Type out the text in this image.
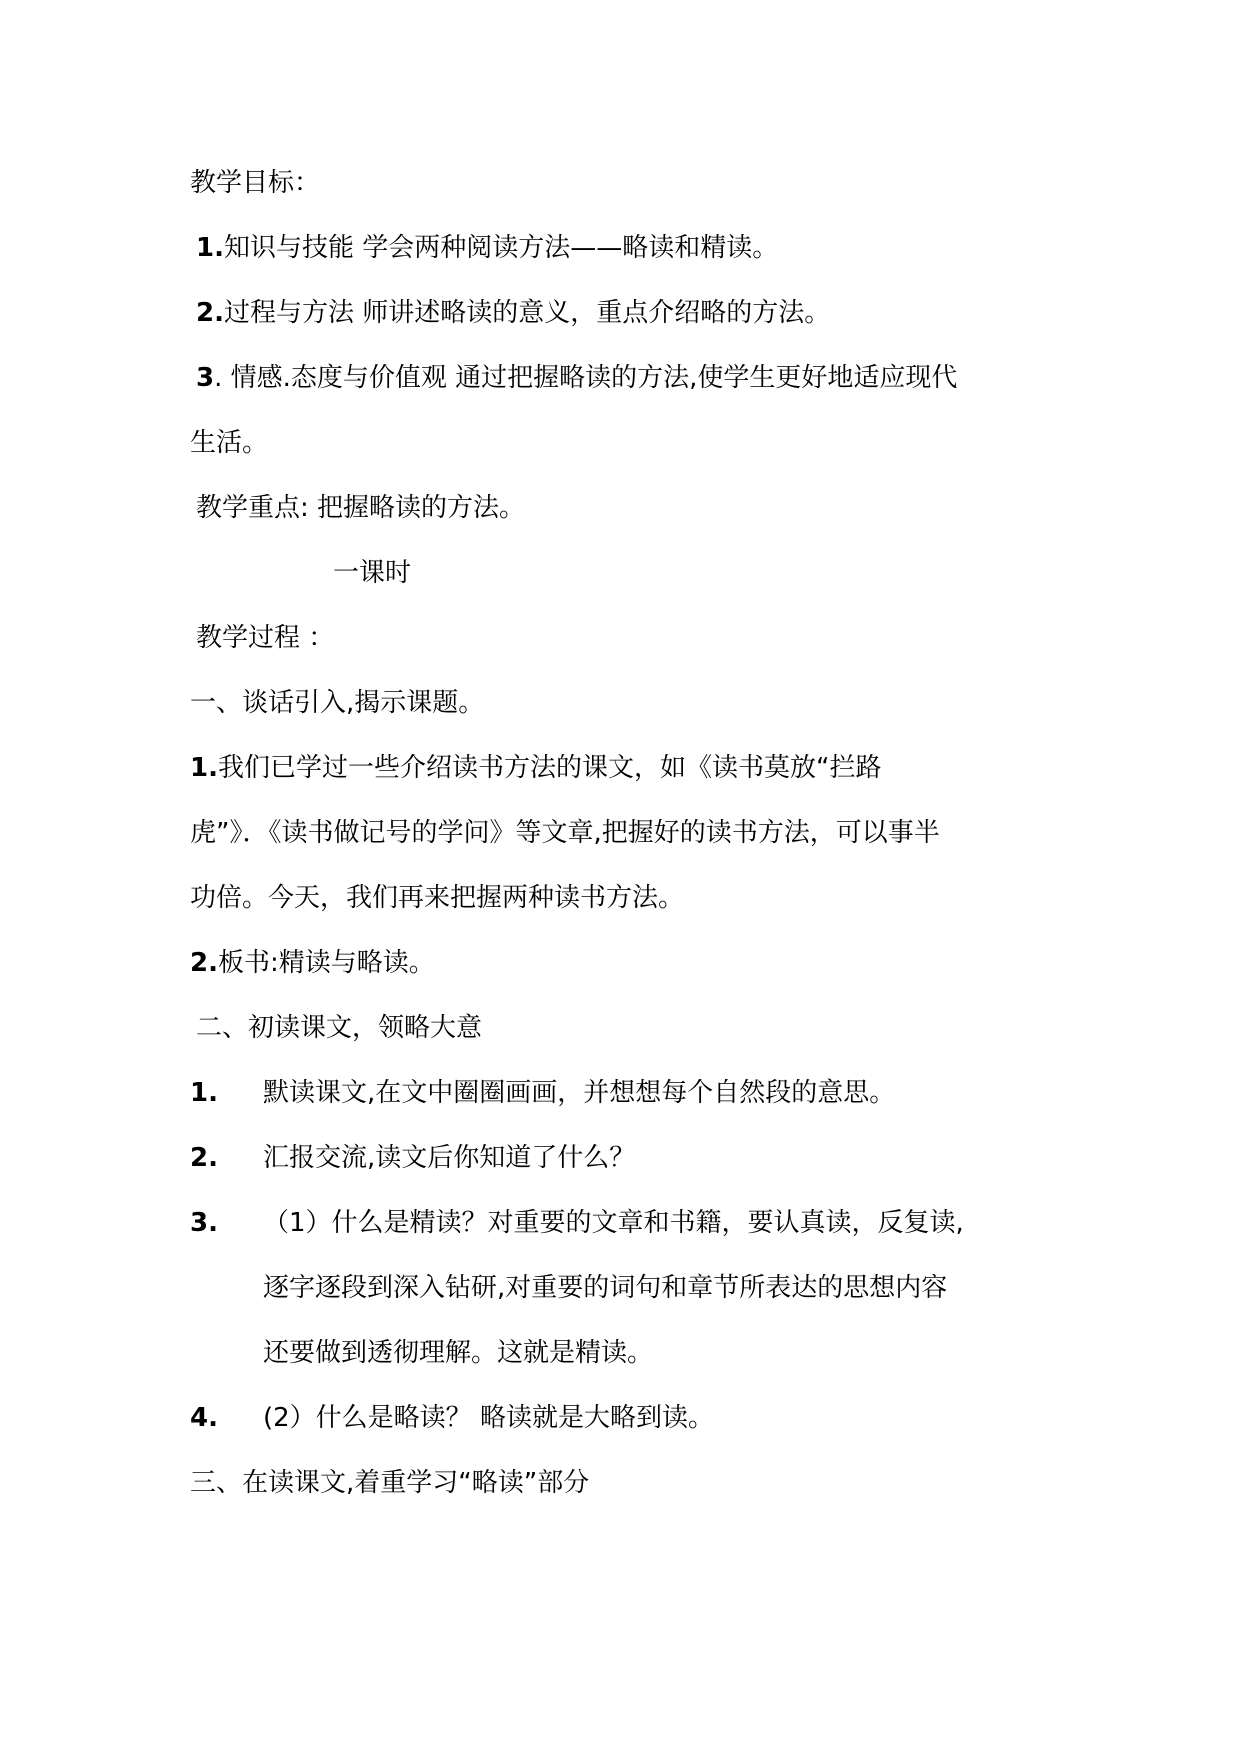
教学目标：
1.知识与技能 学会两种阅读方法——略读和精读。
2.过程与方法 师讲述略读的意义，重点介绍略的方法。
3. 情感.态度与价值观 通过把握略读的方法,使学生更好地适应现代
生活。
教学重点: 把握略读的方法。
一课时
教学过程 ：
一、谈话引入,揭示课题。
1.我们已学过一些介绍读书方法的课文，如《读书莫放“拦路
虎”》．《读书做记号的学问》等文章,把握好的读书方法，可以事半
功倍。今天，我们再来把握两种读书方法。
2.板书:精读与略读。
二、初读课文，领略大意
1. 默读课文,在文中圈圈画画，并想想每个自然段的意思。
2. 汇报交流,读文后你知道了什么？
3. （1）什么是精读？对重要的文章和书籍，要认真读，反复读,
逐字逐段到深入钻研,对重要的词句和章节所表达的思想内容
还要做到透彻理解。这就是精读。
4. (2）什么是略读？ 略读就是大略到读。
三、在读课文,着重学习“略读”部分
